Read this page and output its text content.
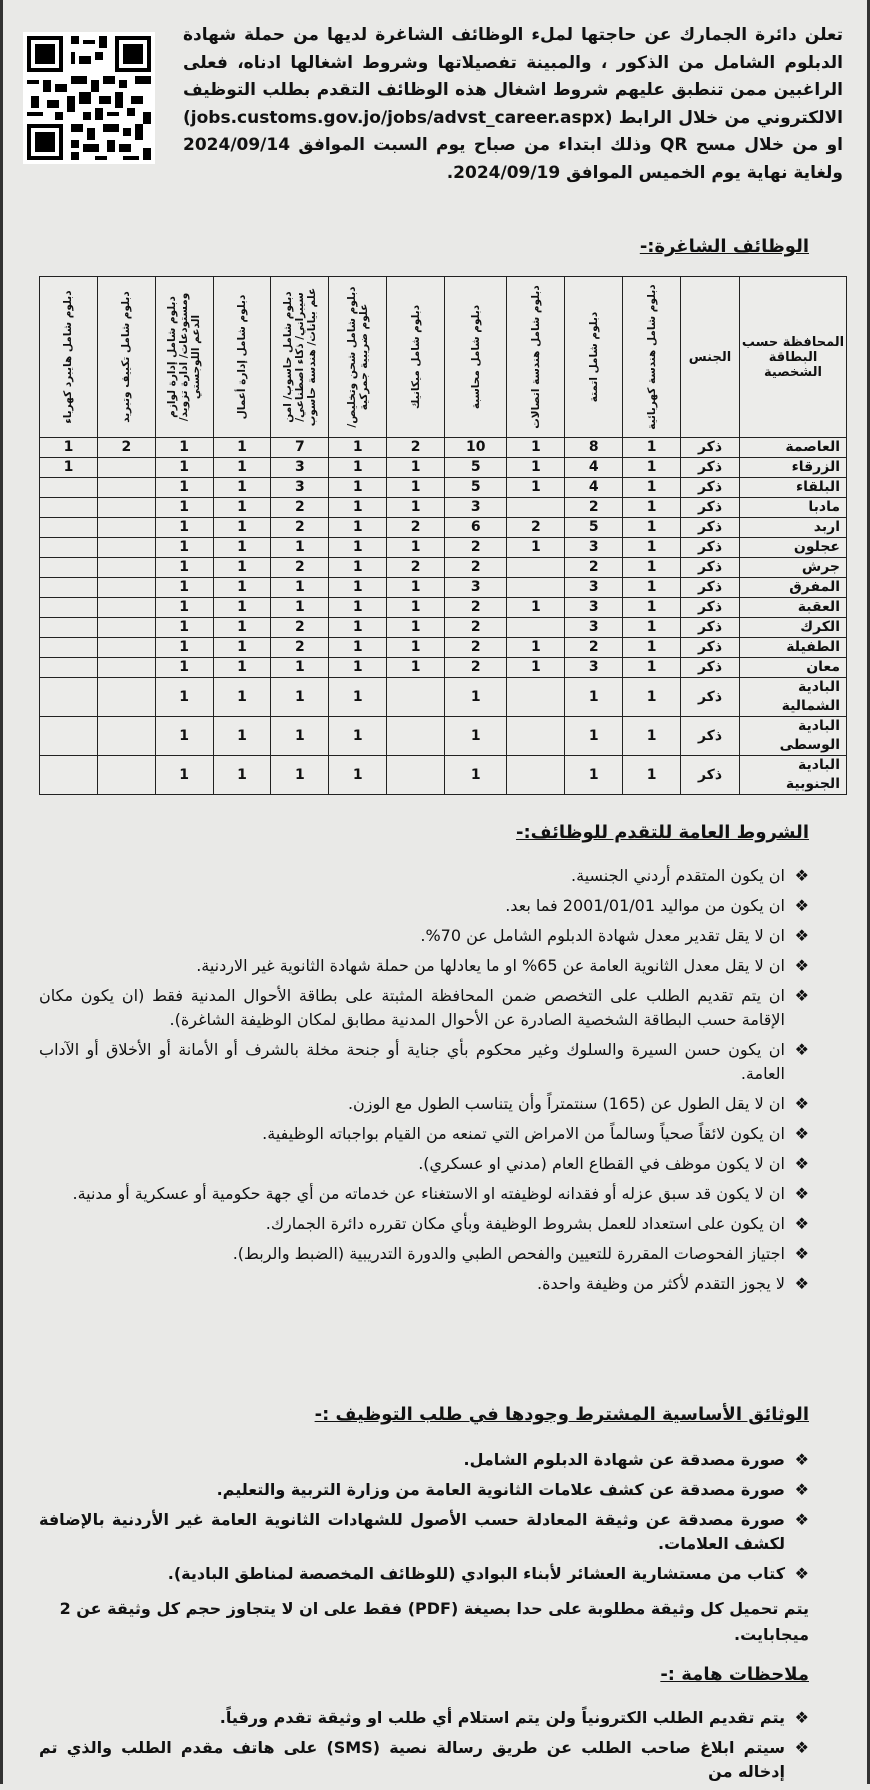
تعلن دائرة الجمارك عن حاجتها لملء الوظائف الشاغرة لديها من حملة شهادة الدبلوم الشامل من الذكور ، والمبينة تفصيلاتها وشروط اشغالها ادناه، فعلى الراغبين ممن تنطبق عليهم شروط اشغال هذه الوظائف التقدم بطلب التوظيف الالكتروني من خلال الرابط (jobs.customs.gov.jo/jobs/advst_career.aspx) او من خلال مسح QR وذلك ابتداء من صباح يوم السبت الموافق 2024/09/14 ولغاية نهاية يوم الخميس الموافق 2024/09/19.
الوظائف الشاغرة:-
المحافظة حسب البطاقة الشخصية	الجنس	دبلوم شامل هندسة كهربائية	دبلوم شامل اتمتة	دبلوم شامل هندسة اتصالات	دبلوم شامل محاسبة	دبلوم شامل ميكانيك	دبلوم شامل شحن وتخليص/ علوم ضريبية جمركية	دبلوم شامل حاسوب/ امن سيبراني/ ذكاء اصطناعي/ علم بيانات/ هندسة حاسوب	دبلوم شامل إدارة أعمال	دبلوم شامل إدارة لوازم ومستودعات/ ادارة تزويد/ الدعم اللوجستي	دبلوم شامل تكييف وتبريد	دبلوم شامل هايبرد كهرباء
العاصمة	ذكر	1	8	1	10	2	1	7	1	1	2	1
الزرقاء	ذكر	1	4	1	5	1	1	3	1	1		1
البلقاء	ذكر	1	4	1	5	1	1	3	1	1		
مادبا	ذكر	1	2		3	1	1	2	1	1		
اربد	ذكر	1	5	2	6	2	1	2	1	1		
عجلون	ذكر	1	3	1	2	1	1	1	1	1		
جرش	ذكر	1	2		2	2	1	2	1	1		
المفرق	ذكر	1	3		3	1	1	1	1	1		
العقبة	ذكر	1	3	1	2	1	1	1	1	1		
الكرك	ذكر	1	3		2	1	1	2	1	1		
الطفيلة	ذكر	1	2	1	2	1	1	2	1	1		
معان	ذكر	1	3	1	2	1	1	1	1	1		
البادية الشمالية	ذكر	1	1		1		1	1	1	1		
البادية الوسطى	ذكر	1	1		1		1	1	1	1		
البادية الجنوبية	ذكر	1	1		1		1	1	1	1		
الشروط العامة للتقدم للوظائف:-
❖
ان يكون المتقدم أردني الجنسية.
❖
ان يكون من مواليد 2001/01/01 فما بعد.
❖
ان لا يقل تقدير معدل شهادة الدبلوم الشامل عن 70%.
❖
ان لا يقل معدل الثانوية العامة عن 65% او ما يعادلها من حملة شهادة الثانوية غير الاردنية.
❖
ان يتم تقديم الطلب على التخصص ضمن المحافظة المثبتة على بطاقة الأحوال المدنية فقط (ان يكون مكان الإقامة حسب البطاقة الشخصية الصادرة عن الأحوال المدنية مطابق لمكان الوظيفة الشاغرة).
❖
ان يكون حسن السيرة والسلوك وغير محكوم بأي جناية أو جنحة مخلة بالشرف أو الأمانة أو الأخلاق أو الآداب العامة.
❖
ان لا يقل الطول عن (165) سنتمتراً وأن يتناسب الطول مع الوزن.
❖
ان يكون لائقاً صحياً وسالماً من الامراض التي تمنعه من القيام بواجباته الوظيفية.
❖
ان لا يكون موظف في القطاع العام (مدني او عسكري).
❖
ان لا يكون قد سبق عزله أو فقدانه لوظيفته او الاستغناء عن خدماته من أي جهة حكومية أو عسكرية أو مدنية.
❖
ان يكون على استعداد للعمل بشروط الوظيفة وبأي مكان تقرره دائرة الجمارك.
❖
اجتياز الفحوصات المقررة للتعيين والفحص الطبي والدورة التدريبية (الضبط والربط).
❖
لا يجوز التقدم لأكثر من وظيفة واحدة.
الوثائق الأساسية المشترط وجودها في طلب التوظيف :-
❖
صورة مصدقة عن شهادة الدبلوم الشامل.
❖
صورة مصدقة عن كشف علامات الثانوية العامة من وزارة التربية والتعليم.
❖
صورة مصدقة عن وثيقة المعادلة حسب الأصول للشهادات الثانوية العامة غير الأردنية بالإضافة لكشف العلامات.
❖
كتاب من مستشارية العشائر لأبناء البوادي (للوظائف المخصصة لمناطق البادية).
يتم تحميل كل وثيقة مطلوبة على حدا بصيغة (PDF) فقط على ان لا يتجاوز حجم كل وثيقة عن 2 ميجابايت.
ملاحظات هامة :-
❖
يتم تقديم الطلب الكترونياً ولن يتم استلام أي طلب او وثيقة تقدم ورقياً.
❖
سيتم ابلاغ صاحب الطلب عن طريق رسالة نصية (SMS) على هاتف مقدم الطلب والذي تم إدخاله من
